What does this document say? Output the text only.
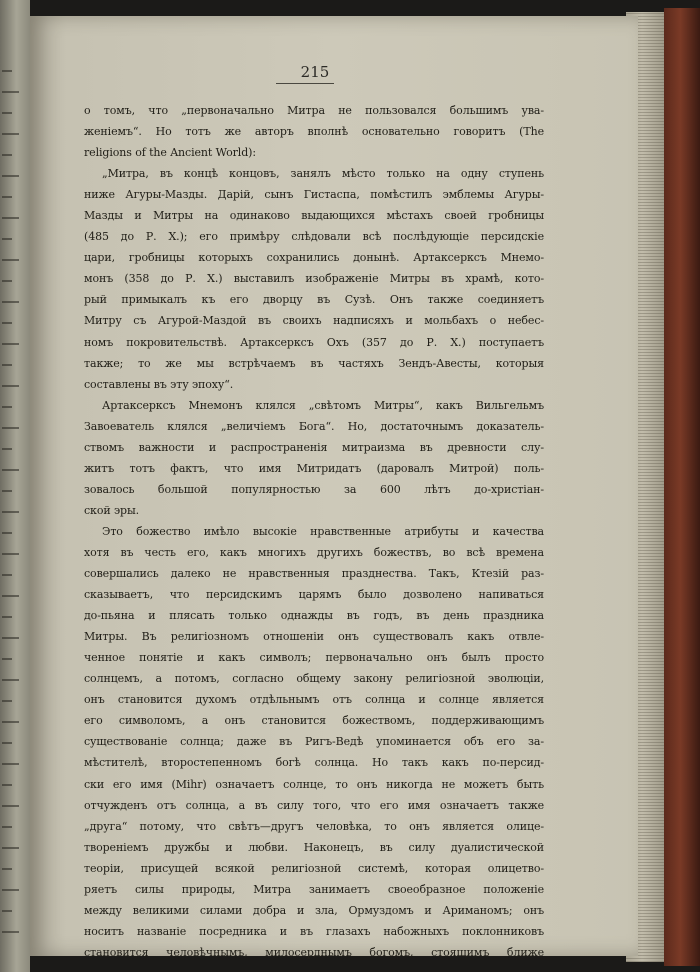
215
о томъ, что „первоначально Митра не пользовался большимъ ува-
женіемъ“. Но тотъ же авторъ вполнѣ основательно говоритъ (The
religions of the Ancient World):
„Митра, въ концѣ концовъ, занялъ мѣсто только на одну ступень
ниже Агуры-Мазды. Дарій, сынъ Гистаспа, помѣстилъ эмблемы Агуры-
Мазды и Митры на одинаково выдающихся мѣстахъ своей гробницы
(485 до Р. Х.); его примѣру слѣдовали всѣ послѣдующіе персидскіе
цари, гробницы которыхъ сохранились донынѣ. Артаксерксъ Мнемо-
монъ (358 до Р. Х.) выставилъ изображеніе Митры въ храмѣ, кото-
рый примыкалъ къ его дворцу въ Сузѣ. Онъ также соединяетъ
Митру съ Агурой-Маздой въ своихъ надписяхъ и мольбахъ о небес-
номъ покровительствѣ. Артаксерксъ Охъ (357 до Р. Х.) поступаетъ
также; то же мы встрѣчаемъ въ частяхъ Зендъ-Авесты, которыя
составлены въ эту эпоху“.
Артаксерксъ Мнемонъ клялся „свѣтомъ Митры“, какъ Вильгельмъ
Завоеватель клялся „величіемъ Бога“. Но, достаточнымъ доказатель-
ствомъ важности и распространенія митраизма въ древности слу-
житъ тотъ фактъ, что имя Митридатъ (даровалъ Митрой) поль-
зовалось большой популярностью за 600 лѣтъ до-христіан-
ской эры.
Это божество имѣло высокіе нравственные атрибуты и качества
хотя въ честь его, какъ многихъ другихъ божествъ, во всѣ времена
совершались далеко не нравственныя празднества. Такъ, Ктезій раз-
сказываетъ, что персидскимъ царямъ было дозволено напиваться
до-пьяна и плясать только однажды въ годъ, въ день праздника
Митры. Въ религіозномъ отношеніи онъ существовалъ какъ отвле-
ченное понятіе и какъ символъ; первоначально онъ былъ просто
солнцемъ, а потомъ, согласно общему закону религіозной эволюціи,
онъ становится духомъ отдѣльнымъ отъ солнца и солнце является
его символомъ, а онъ становится божествомъ, поддерживающимъ
существованіе солнца; даже въ Ригъ-Ведѣ упоминается объ его за-
мѣстителѣ, второстепенномъ богѣ солнца. Но такъ какъ по-персид-
ски его имя (Mihr) означаетъ солнце, то онъ никогда не можетъ быть
отчужденъ отъ солнца, а въ силу того, что его имя означаетъ также
„друга“ потому, что свѣтъ—другъ человѣка, то онъ является олице-
твореніемъ дружбы и любви. Наконецъ, въ силу дуалистической
теоріи, присущей всякой религіозной системѣ, которая олицетво-
ряетъ силы природы, Митра занимаетъ своеобразное положеніе
между великими силами добра и зла, Ормуздомъ и Ариманомъ; онъ
носитъ названіе посредника и въ глазахъ набожныхъ поклонниковъ
становится человѣчнымъ, милосерднымъ богомъ, стоящимъ ближе
